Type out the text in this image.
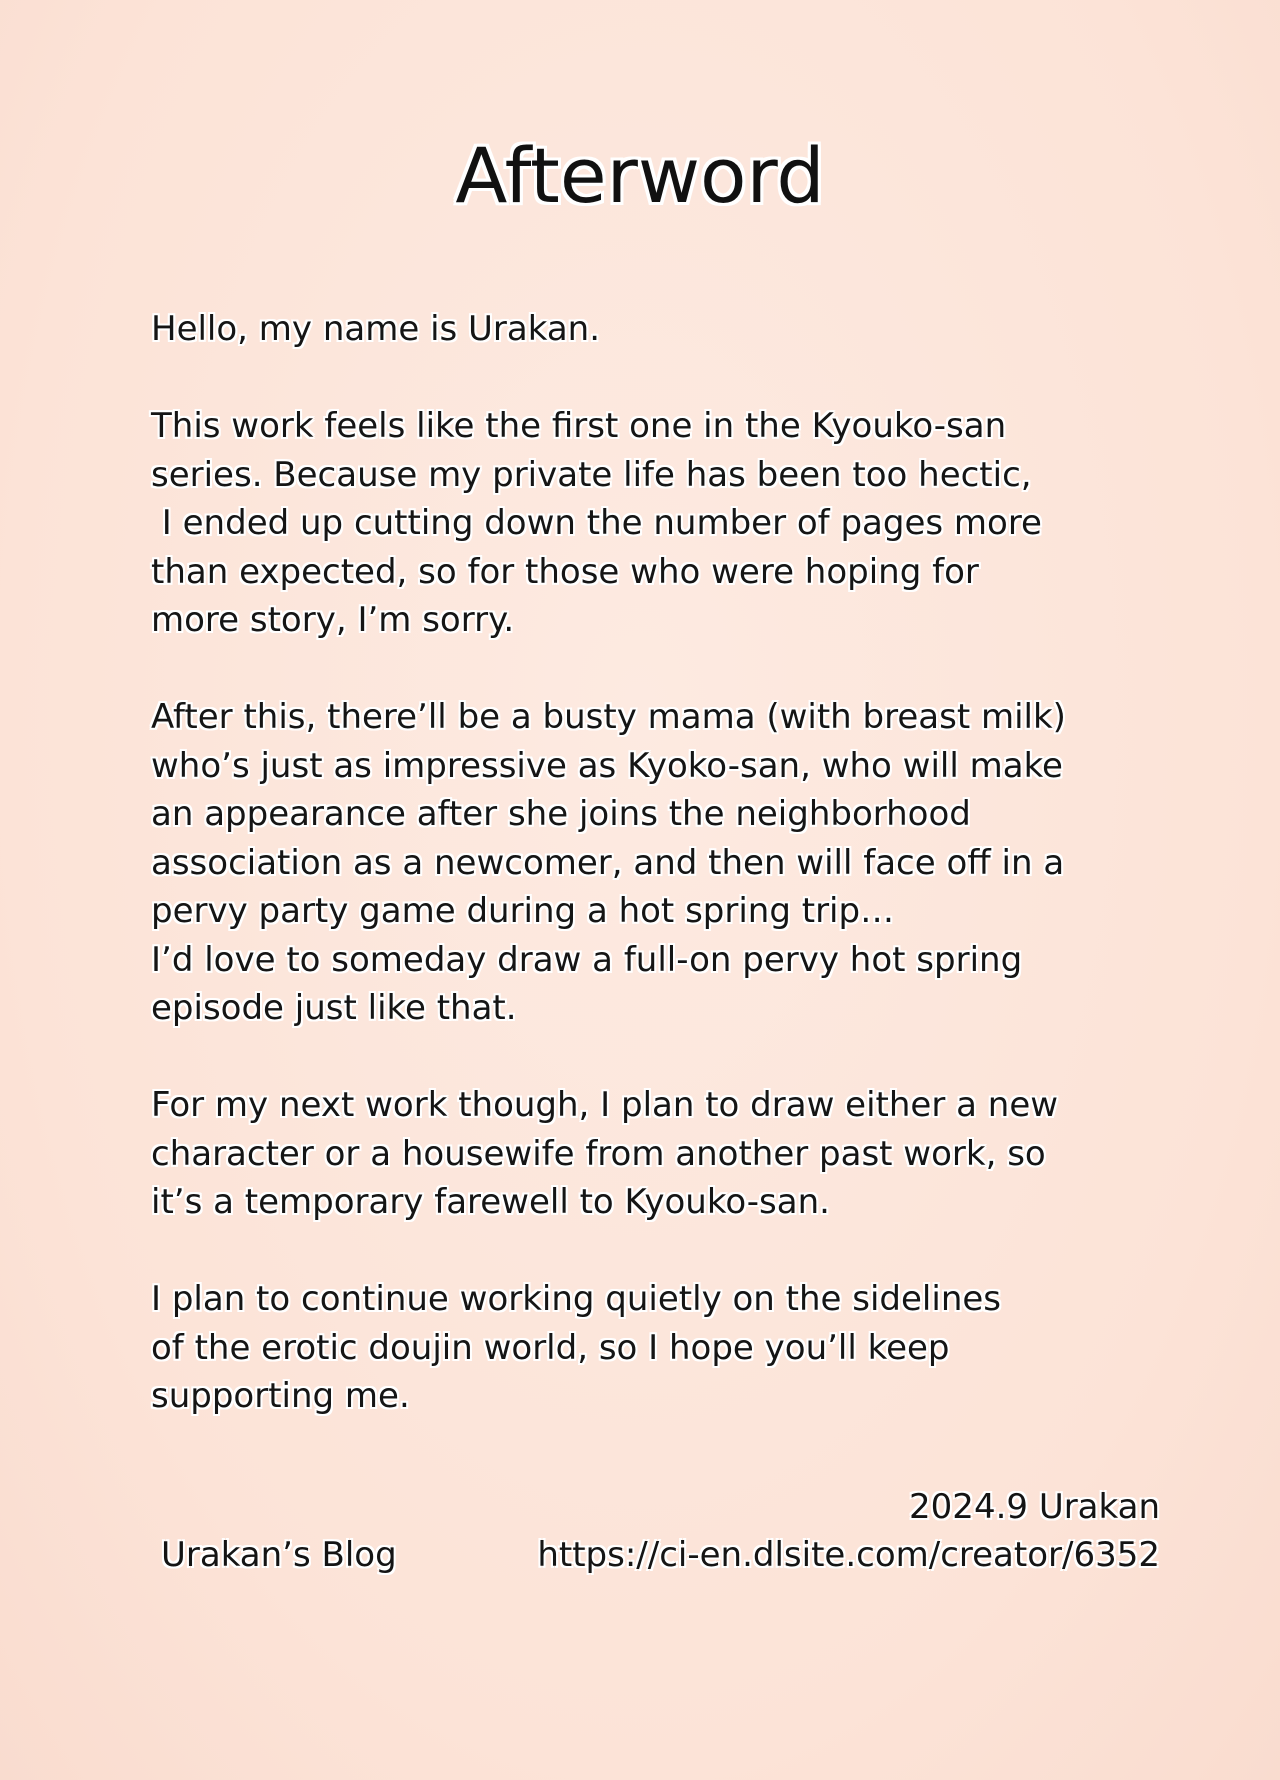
Afterword
Hello, my name is Urakan.
This work feels like the first one in the Kyouko-san
series. Because my private life has been too hectic,
I ended up cutting down the number of pages more
than expected, so for those who were hoping for
more story, I’m sorry.
After this, there’ll be a busty mama (with breast milk)
who’s just as impressive as Kyoko-san, who will make
an appearance after she joins the neighborhood
association as a newcomer, and then will face off in a
pervy party game during a hot spring trip…
I’d love to someday draw a full-on pervy hot spring
episode just like that.
For my next work though, I plan to draw either a new
character or a housewife from another past work, so
it’s a temporary farewell to Kyouko-san.
I plan to continue working quietly on the sidelines
of the erotic doujin world, so I hope you’ll keep
supporting me.
2024.9 Urakan
Urakan’s Blog	https://ci-en.dlsite.com/creator/6352
